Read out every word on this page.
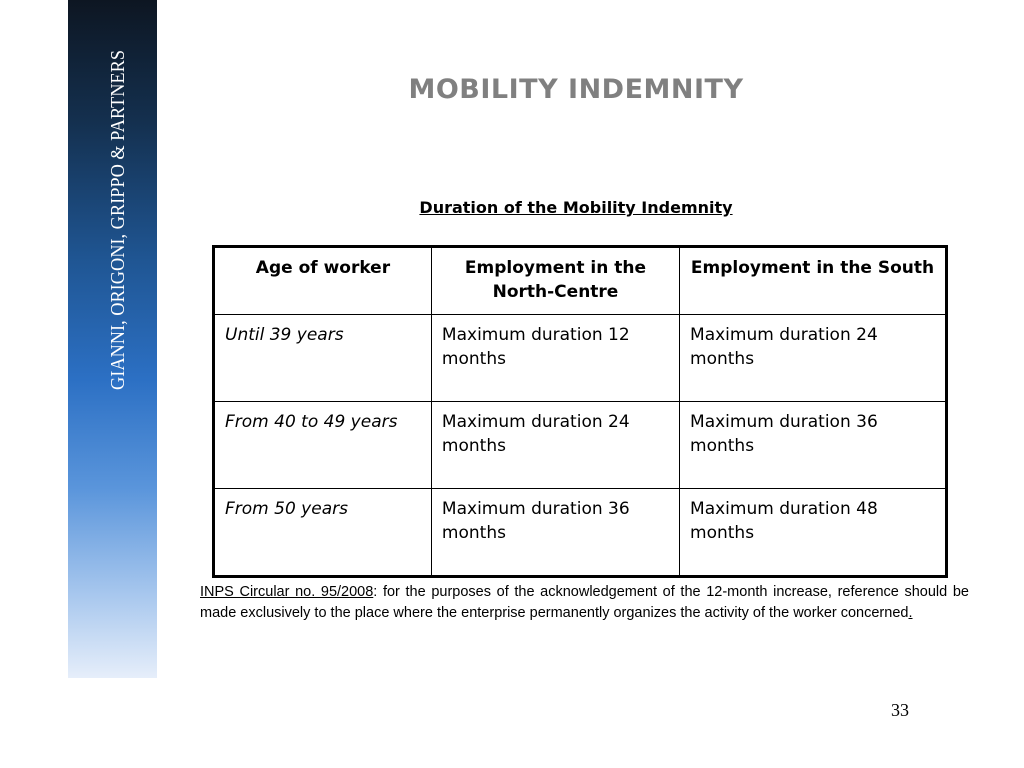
GIANNI, ORIGONI, GRIPPO & PARTNERS	MOBILITY INDEMNITY
Duration of the Mobility Indemnity
Age of worker	Employment in the North-Centre	Employment in the South
Until 39 years	Maximum duration 12 months	Maximum duration 24 months
From 40 to 49 years	Maximum duration 24 months	Maximum duration 36 months
From 50 years	Maximum duration 36 months	Maximum duration 48 months

INPS Circular no. 95/2008: for the purposes of the acknowledgement of the 12-month increase, reference should be made exclusively to the place where the enterprise permanently organizes the activity of the worker concerned.

33
